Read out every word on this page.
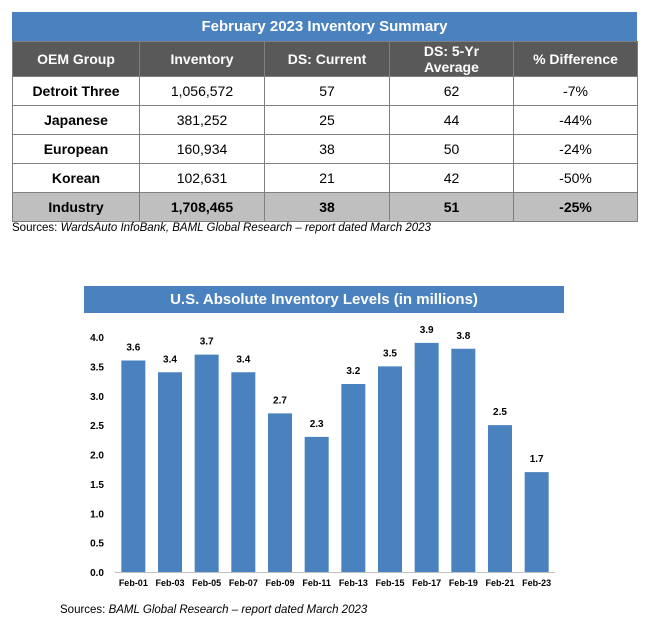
February 2023 Inventory Summary
OEM Group	Inventory	DS: Current	DS: 5-Yr Average	% Difference
Detroit Three	1,056,572	57	62	-7%
Japanese	381,252	25	44	-44%
European	160,934	38	50	-24%
Korean	102,631	21	42	-50%
Industry	1,708,465	38	51	-25%
Sources: WardsAuto InfoBank, BAML Global Research – report dated March 2023
U.S. Absolute Inventory Levels (in millions)
0.0
0.5
1.0
1.5
2.0
2.5
3.0
3.5
4.0
3.6
3.4
3.7
3.4
2.7
2.3
3.2
3.5
3.9
3.8
2.5
1.7
Feb-01 Feb-03 Feb-05 Feb-07 Feb-09 Feb-11 Feb-13 Feb-15 Feb-17 Feb-19 Feb-21 Feb-23
Sources: BAML Global Research – report dated March 2023
